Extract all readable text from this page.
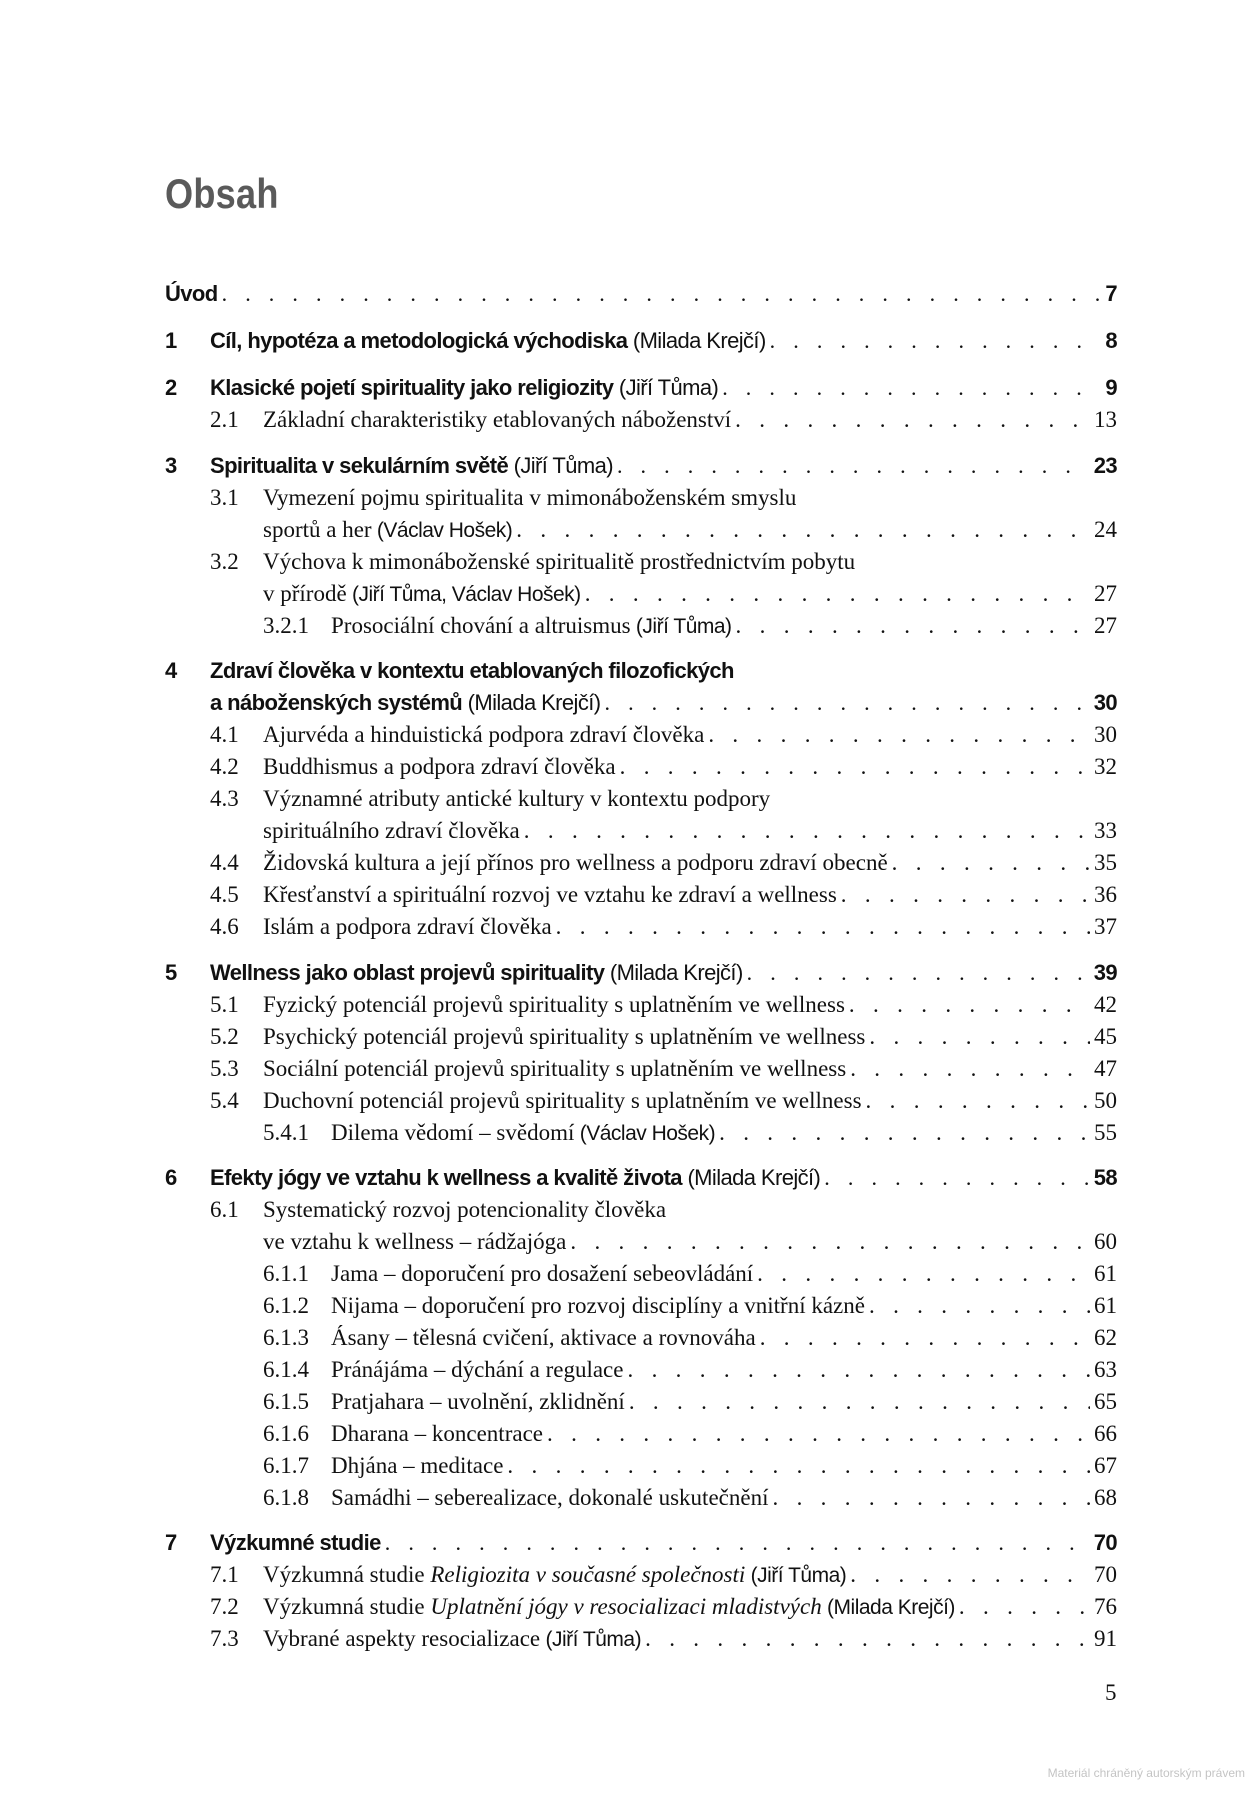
Obsah
Úvod . . .	7
1 Cíl, hypotéza a metodologická východiska (Milada Krejčí) . . .	8
2 Klasické pojetí spirituality jako religiozity (Jiří Tůma) . . .	9
2.1 Základní charakteristiky etablovaných náboženství . . .	13
3 Spiritualita v sekulárním světě (Jiří Tůma) . . .	23
3.1 Vymezení pojmu spiritualita v mimonáboženském smyslu
sportů a her (Václav Hošek) . . .	24
3.2 Výchova k mimonáboženské spiritualitě prostřednictvím pobytu
v přírodě (Jiří Tůma, Václav Hošek) . . .	27
3.2.1 Prosociální chování a altruismus (Jiří Tůma) . . .	27
4 Zdraví člověka v kontextu etablovaných filozofických
a náboženských systémů (Milada Krejčí) . . .	30
4.1 Ajurvéda a hinduistická podpora zdraví člověka . . .	30
4.2 Buddhismus a podpora zdraví člověka . . .	32
4.3 Významné atributy antické kultury v kontextu podpory
spirituálního zdraví člověka . . .	33
4.4 Židovská kultura a její přínos pro wellness a podporu zdraví obecně . . .	35
4.5 Křesťanství a spirituální rozvoj ve vztahu ke zdraví a wellness . . .	36
4.6 Islám a podpora zdraví člověka . . .	37
5 Wellness jako oblast projevů spirituality (Milada Krejčí) . . .	39
5.1 Fyzický potenciál projevů spirituality s uplatněním ve wellness . . .	42
5.2 Psychický potenciál projevů spirituality s uplatněním ve wellness . . .	45
5.3 Sociální potenciál projevů spirituality s uplatněním ve wellness . . .	47
5.4 Duchovní potenciál projevů spirituality s uplatněním ve wellness . . .	50
5.4.1 Dilema vědomí – svědomí (Václav Hošek) . . .	55
6 Efekty jógy ve vztahu k wellness a kvalitě života (Milada Krejčí) . . .	58
6.1 Systematický rozvoj potencionality člověka
ve vztahu k wellness – rádžajóga . . .	60
6.1.1 Jama – doporučení pro dosažení sebeovládání . . .	61
6.1.2 Nijama – doporučení pro rozvoj disciplíny a vnitřní kázně . . .	61
6.1.3 Ásany – tělesná cvičení, aktivace a rovnováha . . .	62
6.1.4 Pránájáma – dýchání a regulace . . .	63
6.1.5 Pratjahara – uvolnění, zklidnění . . .	65
6.1.6 Dharana – koncentrace . . .	66
6.1.7 Dhjána – meditace . . .	67
6.1.8 Samádhi – seberealizace, dokonalé uskutečnění . . .	68
7 Výzkumné studie . . .	70
7.1 Výzkumná studie Religiozita v současné společnosti (Jiří Tůma) . . .	70
7.2 Výzkumná studie Uplatnění jógy v resocializaci mladistvých (Milada Krejčí) . . .	76
7.3 Vybrané aspekty resocializace (Jiří Tůma) . . .	91
5
Materiál chráněný autorským právem
